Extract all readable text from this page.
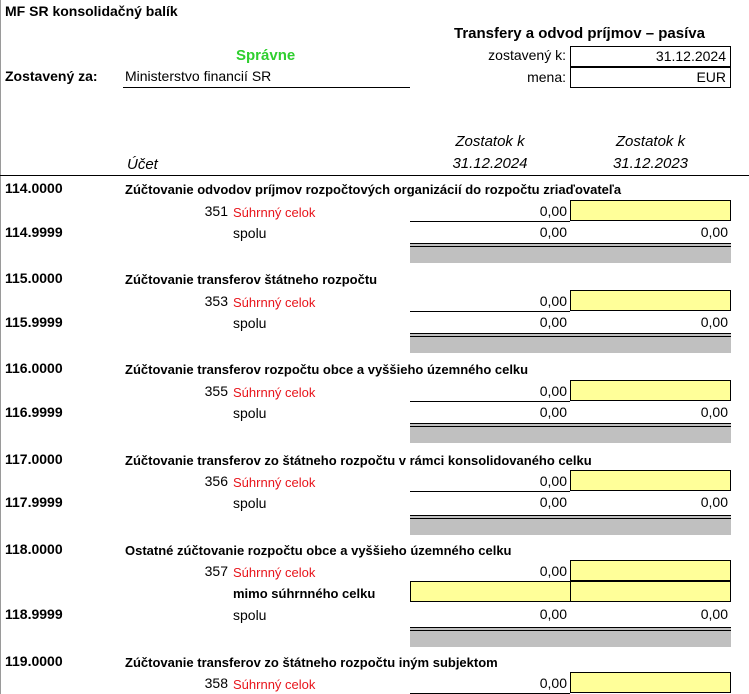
MF SR konsolidačný balík
Transfery a odvod príjmov – pasíva
Správne	zostavený k:	31.12.2024
mena:	EUR
Zostavený za: Ministerstvo financií SR
Zostatok k
31.12.2024
Zostatok k
31.12.2023
Účet
114.0000	Zúčtovanie odvodov príjmov rozpočtových organizácií do rozpočtu zriaďovateľa
351 Súhrnný celok	0,00
114.9999	spolu	0,00	0,00
115.0000	Zúčtovanie transferov štátneho rozpočtu
353 Súhrnný celok	0,00
115.9999	spolu	0,00	0,00
116.0000	Zúčtovanie transferov rozpočtu obce a vyššieho územného celku
355 Súhrnný celok	0,00
116.9999	spolu	0,00	0,00
117.0000	Zúčtovanie transferov zo štátneho rozpočtu v rámci konsolidovaného celku
356 Súhrnný celok	0,00
117.9999	spolu	0,00	0,00
118.0000	Ostatné zúčtovanie rozpočtu obce a vyššieho územného celku
357 Súhrnný celok	0,00
mimo súhrnného celku
118.9999	spolu	0,00	0,00
119.0000	Zúčtovanie transferov zo štátneho rozpočtu iným subjektom
358 Súhrnný celok	0,00
